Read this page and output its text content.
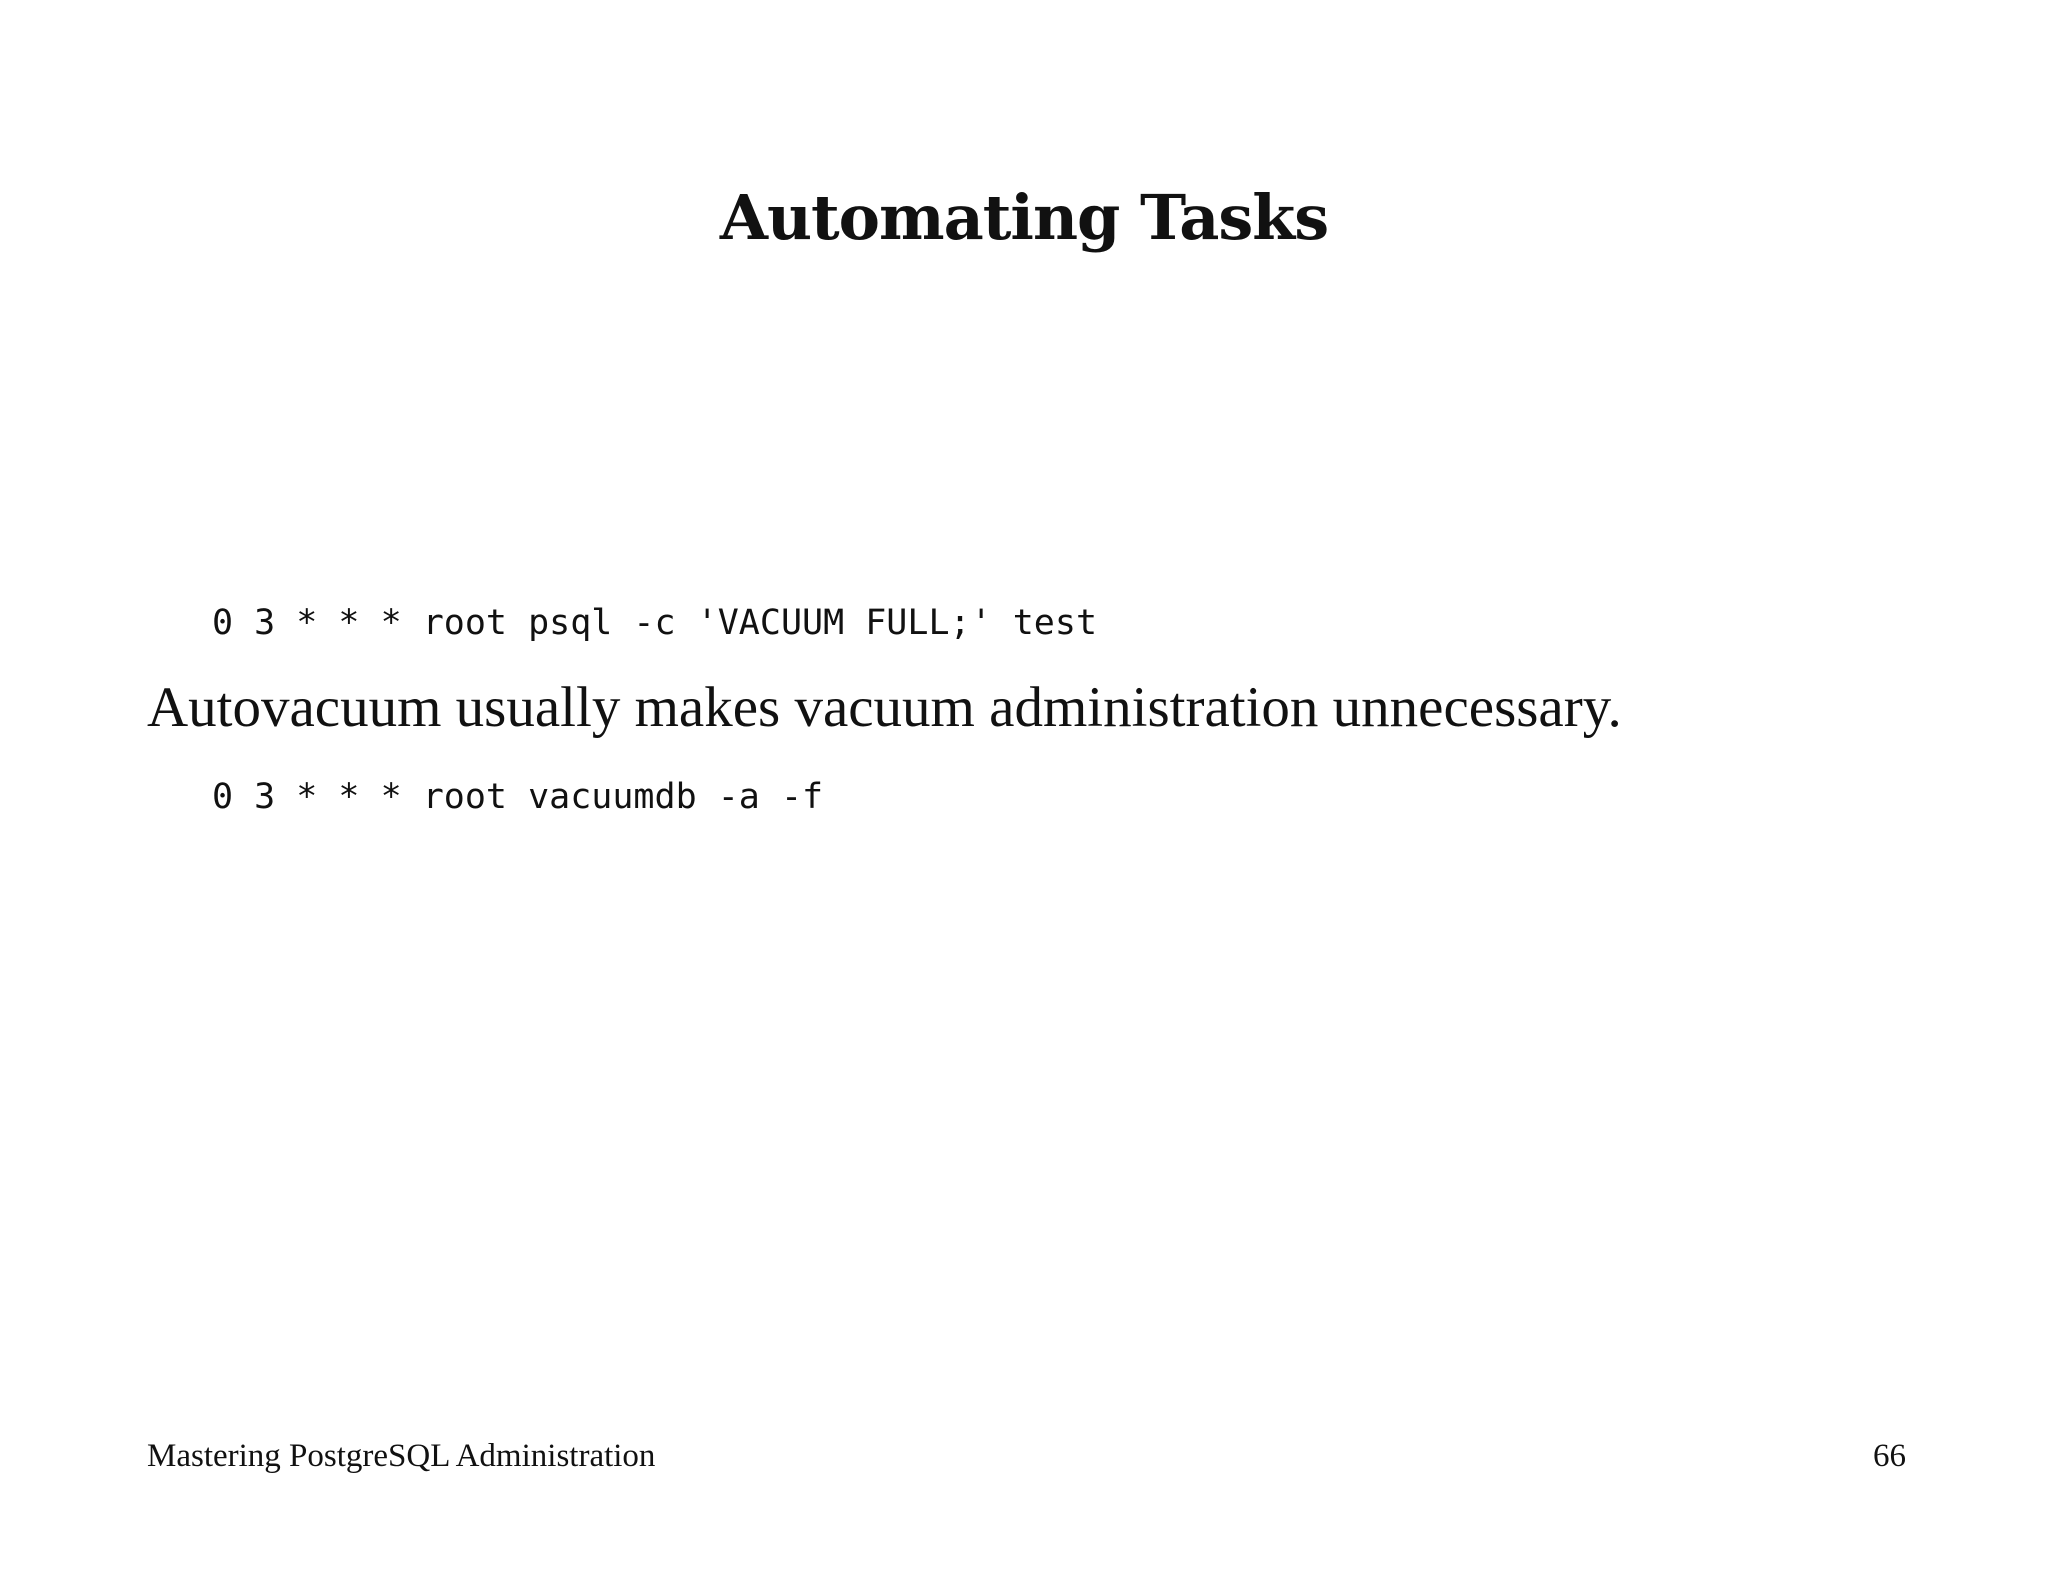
Automating Tasks

0 3 * * * root psql -c 'VACUUM FULL;' test

0 3 * * * root vacuumdb -a -f

Autovacuum usually makes vacuum administration unnecessary.
Mastering PostgreSQL Administration	66
